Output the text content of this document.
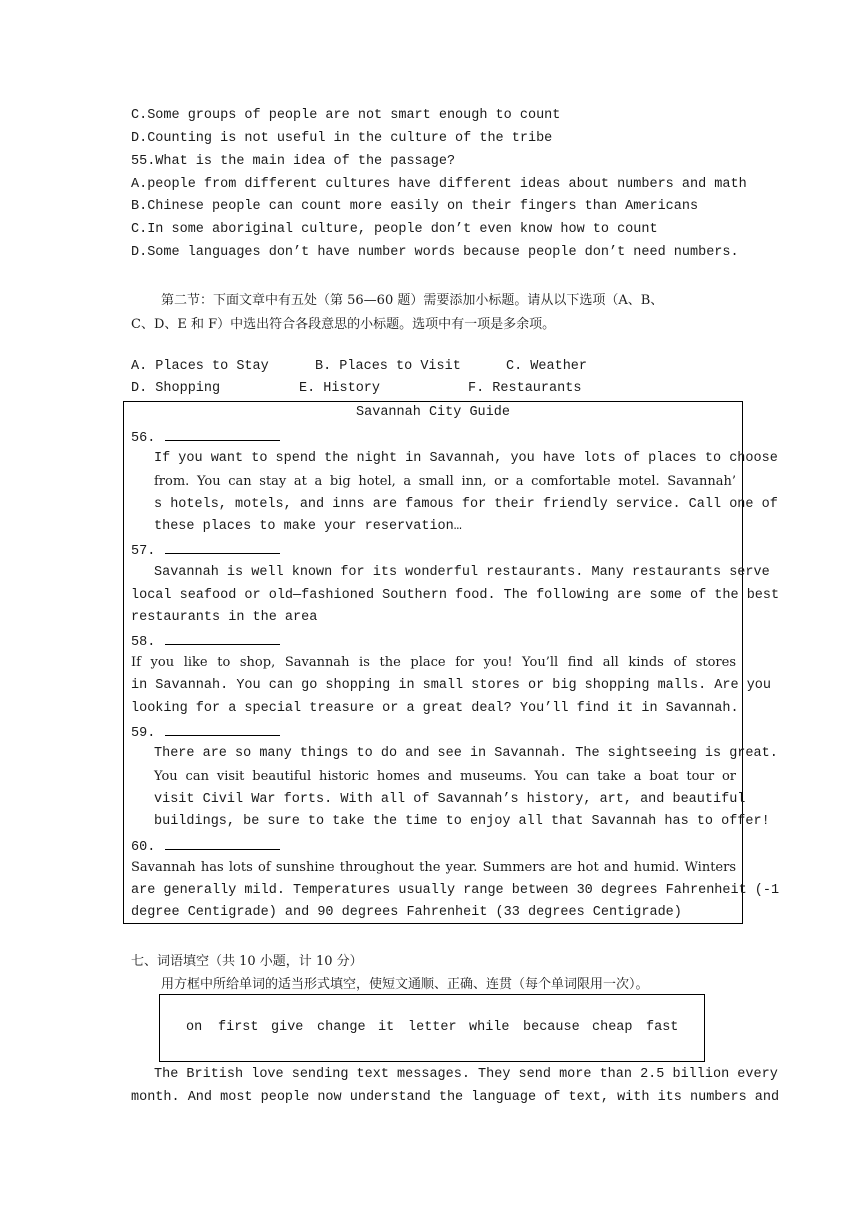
C.Some groups of people are not smart enough to count
D.Counting is not useful in the culture of the tribe
55.What is the main idea of the passage?
A.people from different cultures have different ideas about numbers and math
B.Chinese people can count more easily on their fingers than Americans
C.In some aboriginal culture, people don’t even know how to count
D.Some languages don’t have number words because people don’t need numbers.
第二节：下面文章中有五处（第 56—60 题）需要添加小标题。请从以下选项（A、B、
C、D、E 和 F）中选出符合各段意思的小标题。选项中有一项是多余项。
A. Places to Stay	B. Places to Visit	C. Weather
D. Shopping	E. History	F. Restaurants
Savannah City Guide
56.
If you want to spend the night in Savannah, you have lots of places to choose
from. You can stay at a big hotel, a small inn, or a comfortable motel. Savannah’
s hotels, motels, and inns are famous for their friendly service. Call one of
these places to make your reservation…
57.
Savannah is well known for its wonderful restaurants. Many restaurants serve
local seafood or old—fashioned Southern food. The following are some of the best
restaurants in the area
58.
If you like to shop, Savannah is the place for you! You’ll find all kinds of stores
in Savannah. You can go shopping in small stores or big shopping malls. Are you
looking for a special treasure or a great deal? You’ll find it in Savannah.
59.
There are so many things to do and see in Savannah. The sightseeing is great.
You can visit beautiful historic homes and museums. You can take a boat tour or
visit Civil War forts. With all of Savannah’s history, art, and beautiful
buildings, be sure to take the time to enjoy all that Savannah has to offer!
60.
Savannah has lots of sunshine throughout the year. Summers are hot and humid. Winters
are generally mild. Temperatures usually range between 30 degrees Fahrenheit (-1
degree Centigrade) and 90 degrees Fahrenheit (33 degrees Centigrade)
七、词语填空（共 10 小题，计 10 分）
用方框中所给单词的适当形式填空，使短文通顺、正确、连贯（每个单词限用一次）。
on first give change it letter while because cheap fast
The British love sending text messages. They send more than 2.5 billion every
month. And most people now understand the language of text, with its numbers and
